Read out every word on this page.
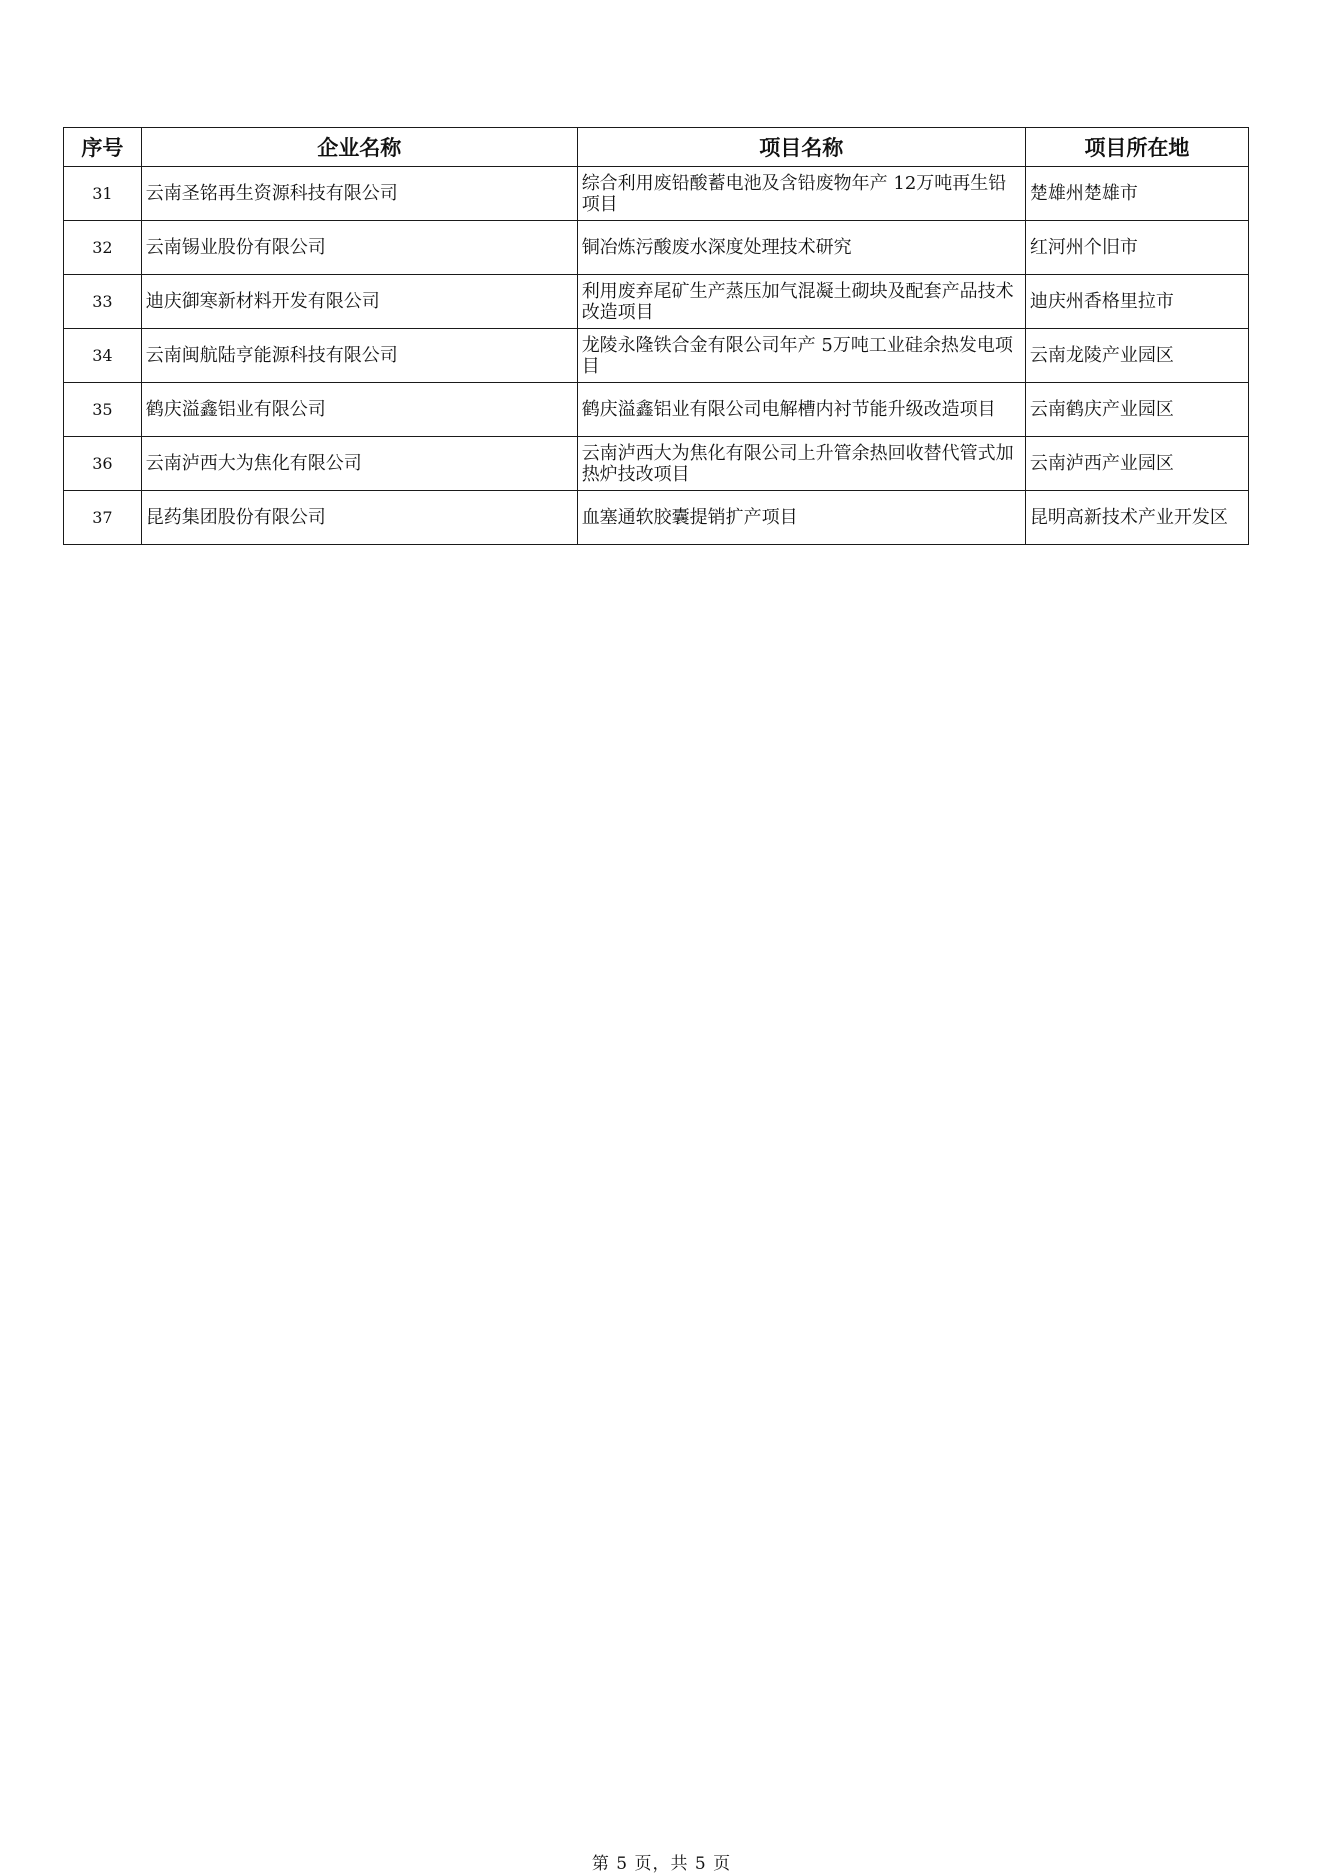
序号	企业名称	项目名称	项目所在地
31	云南圣铭再生资源科技有限公司	综合利用废铅酸蓄电池及含铅废物年产 12万吨再生铅项目	楚雄州楚雄市
32	云南锡业股份有限公司	铜冶炼污酸废水深度处理技术研究	红河州个旧市
33	迪庆御寒新材料开发有限公司	利用废弃尾矿生产蒸压加气混凝土砌块及配套产品技术改造项目	迪庆州香格里拉市
34	云南闽航陆亨能源科技有限公司	龙陵永隆铁合金有限公司年产 5万吨工业硅余热发电项目	云南龙陵产业园区
35	鹤庆溢鑫铝业有限公司	鹤庆溢鑫铝业有限公司电解槽内衬节能升级改造项目	云南鹤庆产业园区
36	云南泸西大为焦化有限公司	云南泸西大为焦化有限公司上升管余热回收替代管式加热炉技改项目	云南泸西产业园区
37	昆药集团股份有限公司	血塞通软胶囊提销扩产项目	昆明高新技术产业开发区
第 5 页，共 5 页
